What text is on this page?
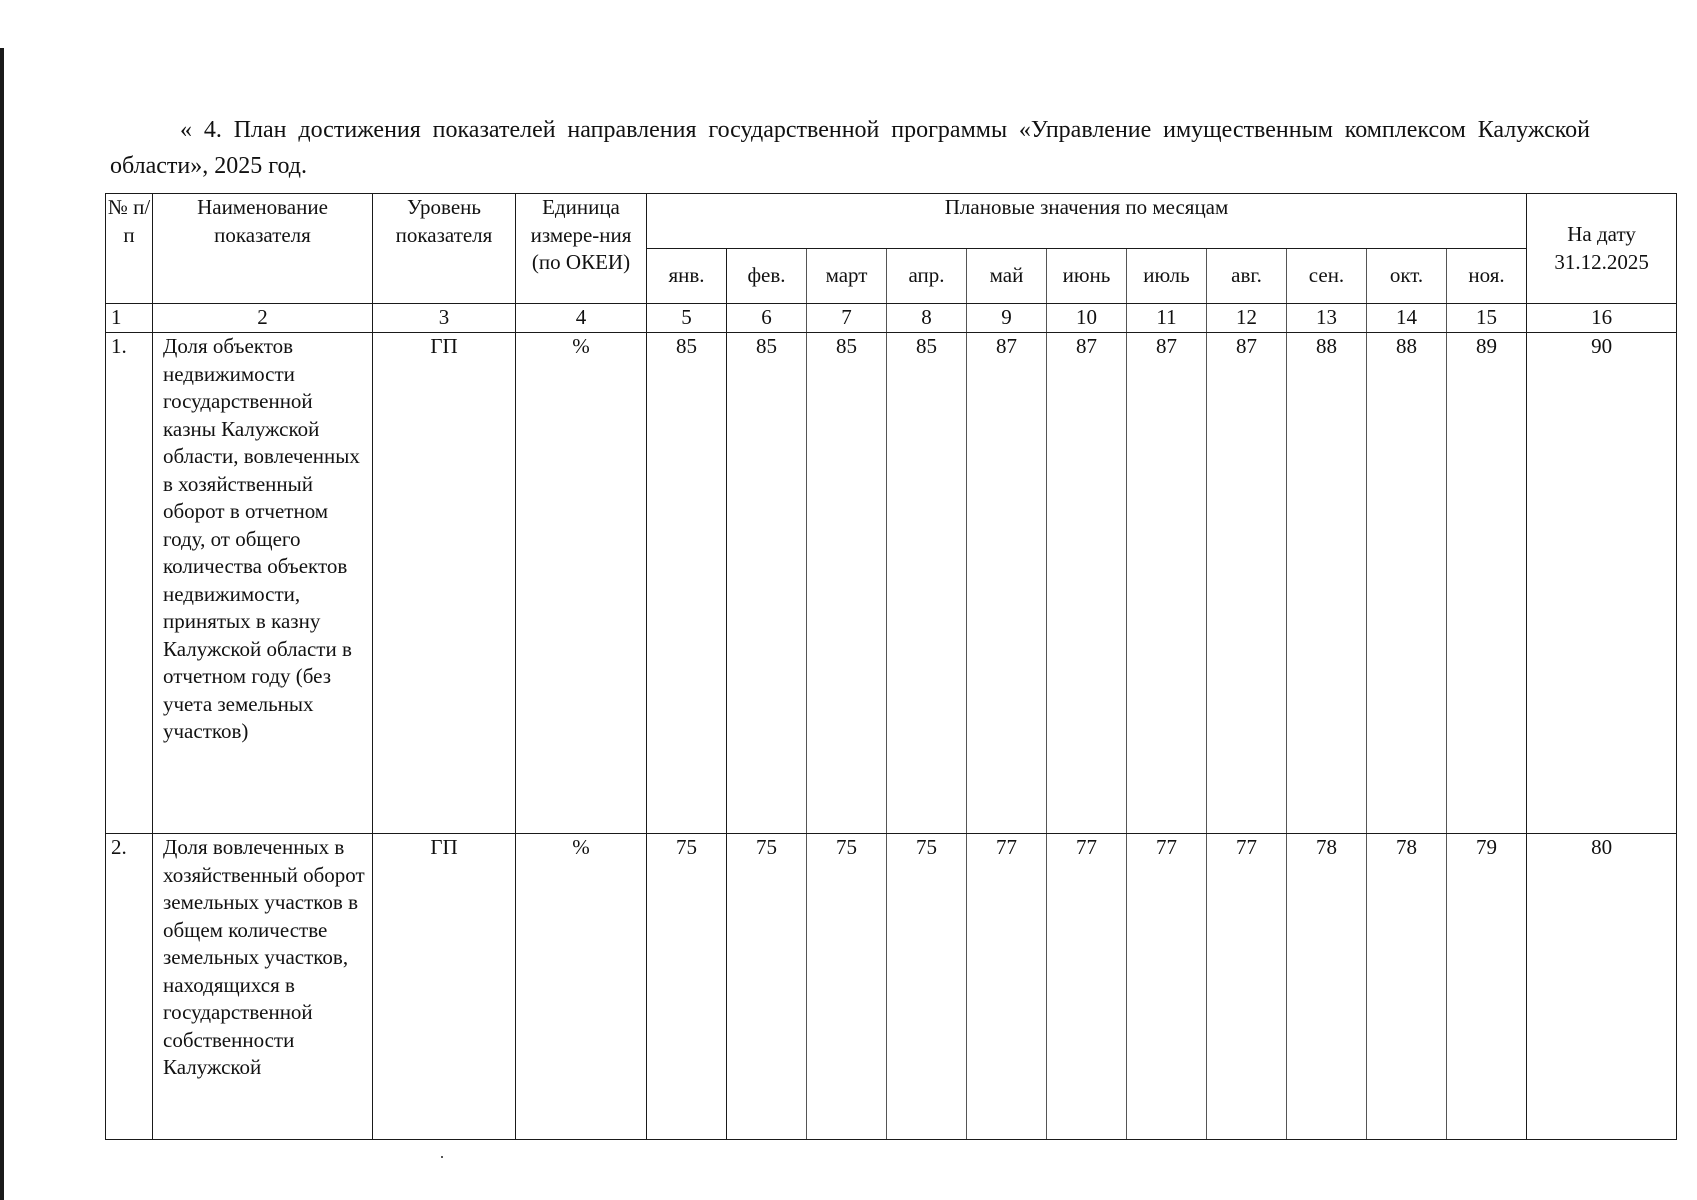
« 4. План достижения показателей направления государственной программы «Управление имущественным комплексом Калужской области», 2025 год.
№ п/п	Наименование показателя	Уровень показателя	Единица измере-ния (по ОКЕИ)	Плановые значения по месяцам											На дату 31.12.2025
				янв.	фев.	март	апр.	май	июнь	июль	авг.	сен.	окт.	ноя.	
1	2	3	4	5	6	7	8	9	10	11	12	13	14	15	16
1.	Доля объектов недвижимости государственной казны Калужской области, вовлеченных в хозяйственный оборот в отчетном году, от общего количества объектов недвижимости, принятых в казну Калужской области в отчетном году (без учета земельных участков)	ГП	%	85	85	85	85	87	87	87	87	88	88	89	90
2.	Доля вовлеченных в хозяйственный оборот земельных участков в общем количестве земельных участков, находящихся в государственной собственности Калужской	ГП	%	75	75	75	75	77	77	77	77	78	78	79	80
